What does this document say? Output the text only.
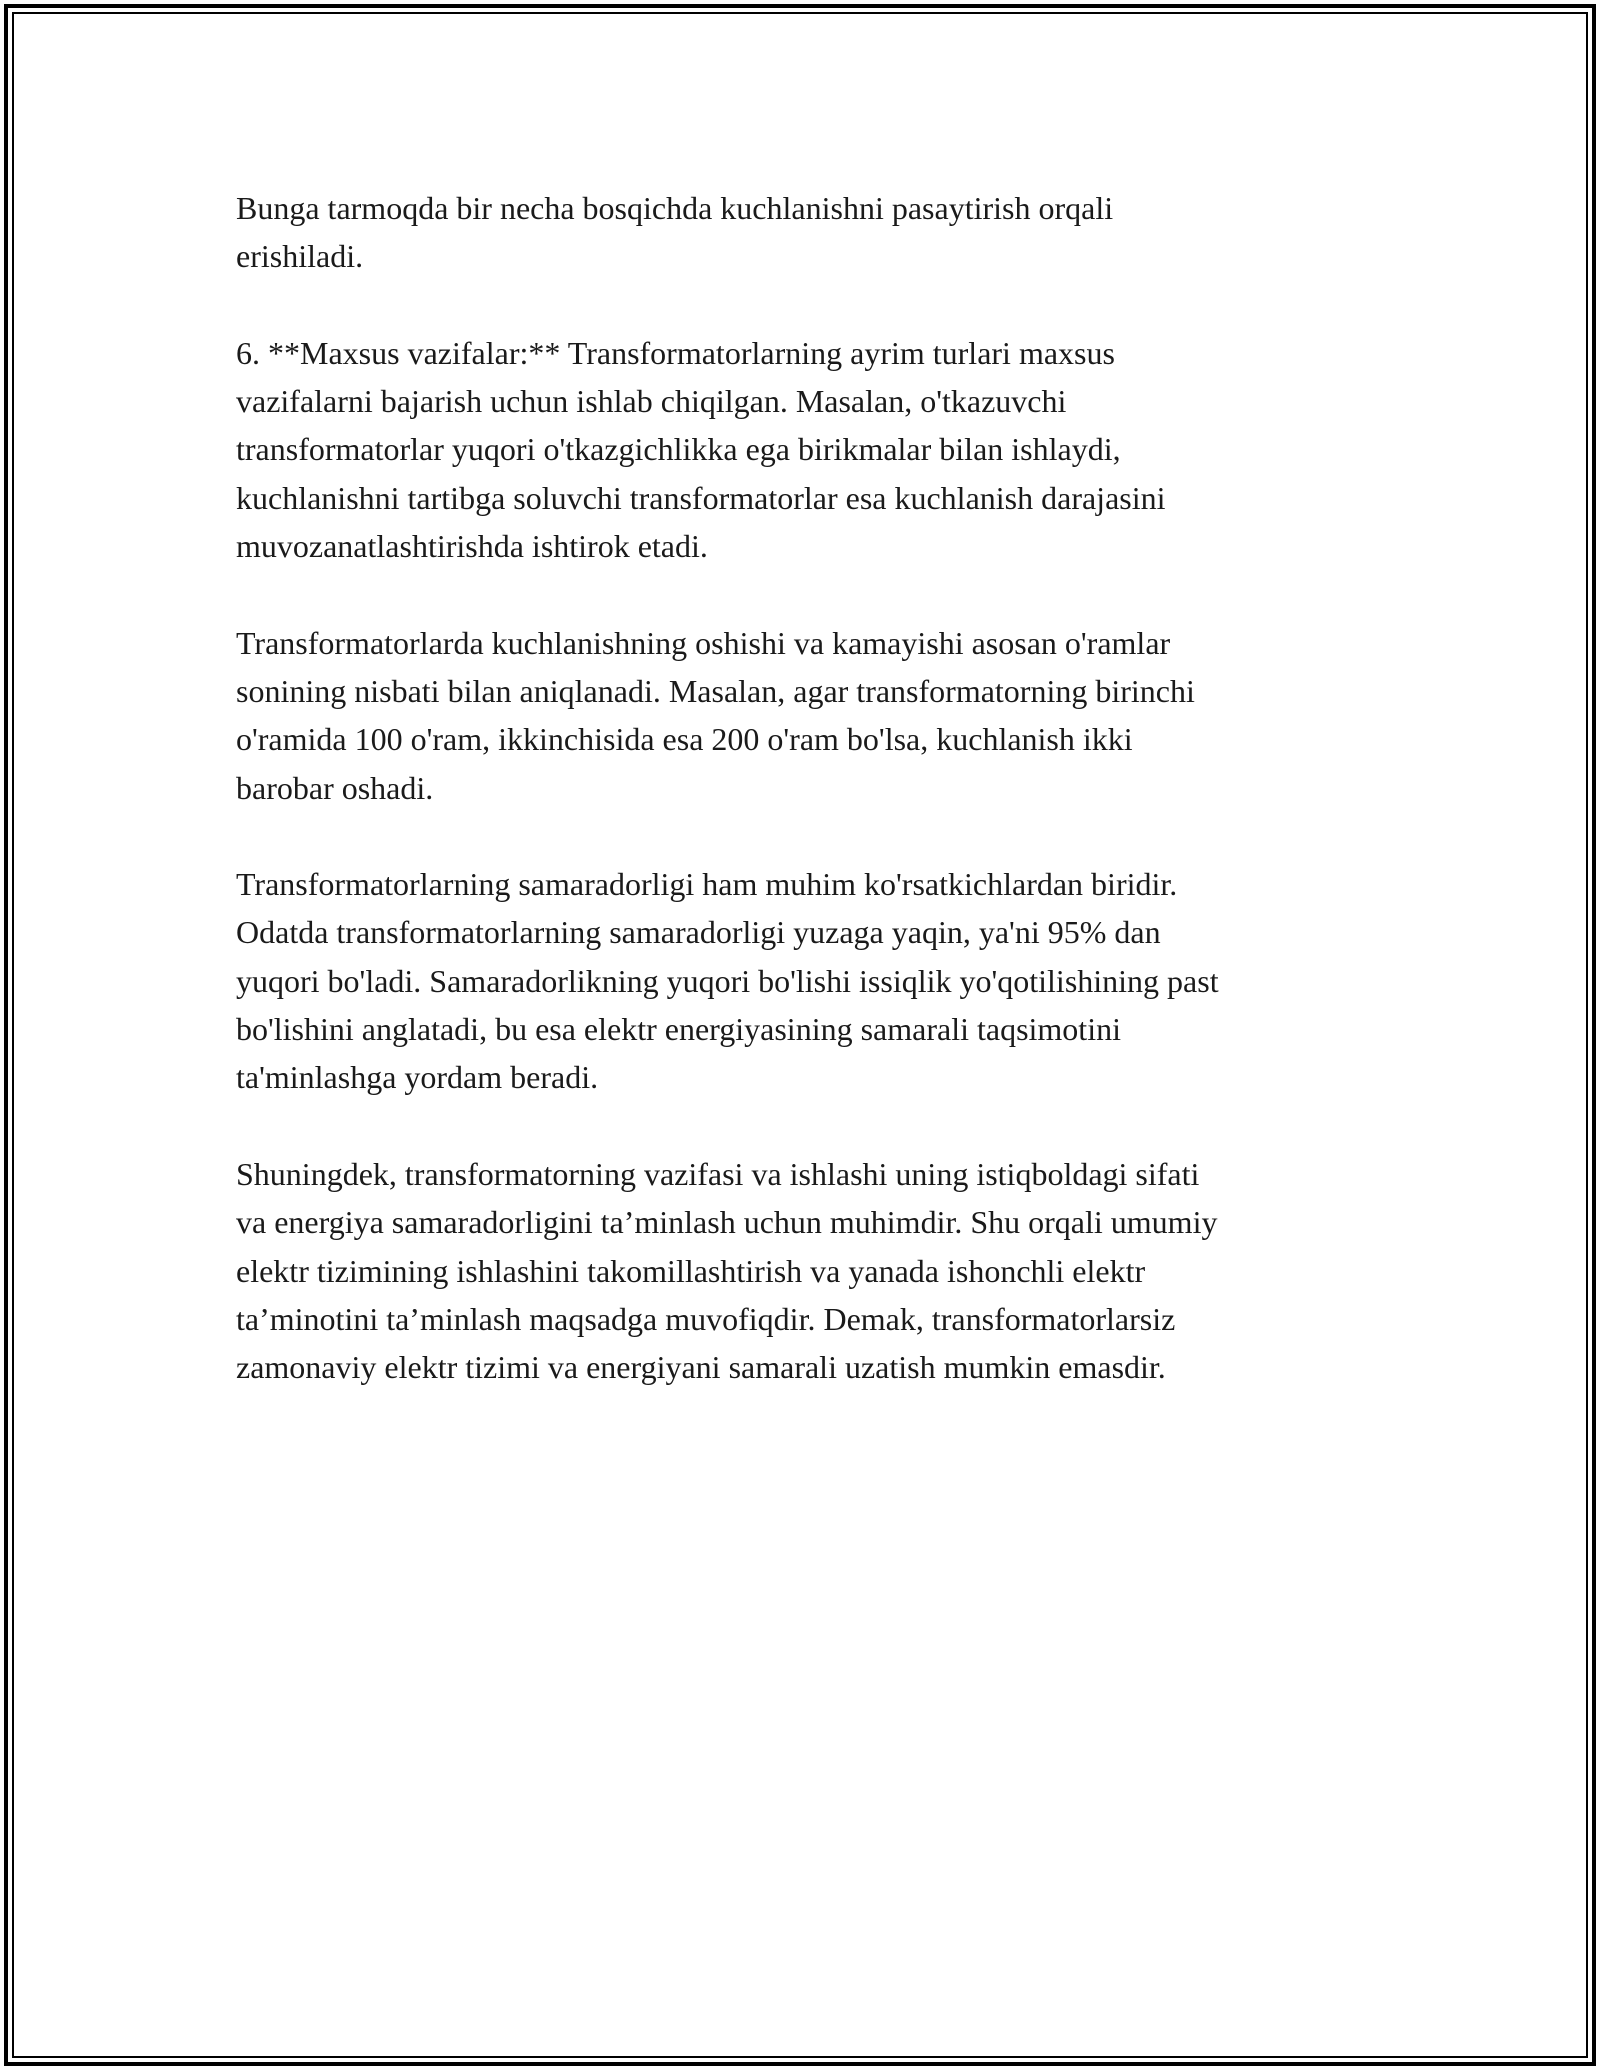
Bunga tarmoqda bir necha bosqichda kuchlanishni pasaytirish orqali
erishiladi.

6. **Maxsus vazifalar:** Transformatorlarning ayrim turlari maxsus
vazifalarni bajarish uchun ishlab chiqilgan. Masalan, o'tkazuvchi
transformatorlar yuqori o'tkazgichlikka ega birikmalar bilan ishlaydi,
kuchlanishni tartibga soluvchi transformatorlar esa kuchlanish darajasini
muvozanatlashtirishda ishtirok etadi.

Transformatorlarda kuchlanishning oshishi va kamayishi asosan o'ramlar
sonining nisbati bilan aniqlanadi. Masalan, agar transformatorning birinchi
o'ramida 100 o'ram, ikkinchisida esa 200 o'ram bo'lsa, kuchlanish ikki
barobar oshadi.

Transformatorlarning samaradorligi ham muhim ko'rsatkichlardan biridir.
Odatda transformatorlarning samaradorligi yuzaga yaqin, ya'ni 95% dan
yuqori bo'ladi. Samaradorlikning yuqori bo'lishi issiqlik yo'qotilishining past
bo'lishini anglatadi, bu esa elektr energiyasining samarali taqsimotini
ta'minlashga yordam beradi.

Shuningdek, transformatorning vazifasi va ishlashi uning istiqboldagi sifati
va energiya samaradorligini ta’minlash uchun muhimdir. Shu orqali umumiy
elektr tizimining ishlashini takomillashtirish va yanada ishonchli elektr
ta’minotini ta’minlash maqsadga muvofiqdir. Demak, transformatorlarsiz
zamonaviy elektr tizimi va energiyani samarali uzatish mumkin emasdir.
